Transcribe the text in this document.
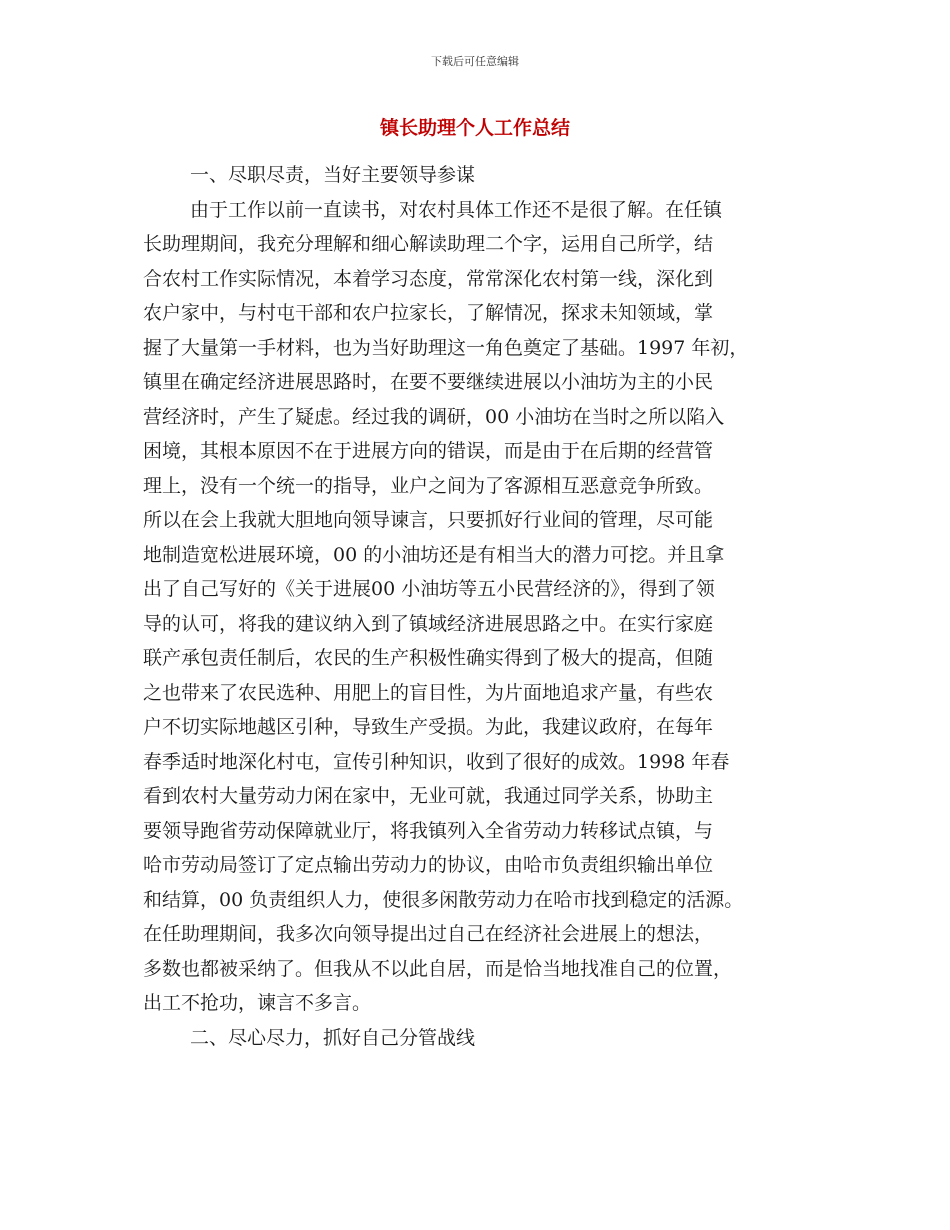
下载后可任意编辑
镇长助理个人工作总结
一、尽职尽责，当好主要领导参谋
由于工作以前一直读书，对农村具体工作还不是很了解。在任镇
长助理期间，我充分理解和细心解读助理二个字，运用自己所学，结
合农村工作实际情况，本着学习态度，常常深化农村第一线，深化到
农户家中，与村屯干部和农户拉家长，了解情况，探求未知领域，掌
握了大量第一手材料，也为当好助理这一角色奠定了基础。1997 年初，
镇里在确定经济进展思路时，在要不要继续进展以小油坊为主的小民
营经济时，产生了疑虑。经过我的调研，00 小油坊在当时之所以陷入
困境，其根本原因不在于进展方向的错误，而是由于在后期的经营管
理上，没有一个统一的指导，业户之间为了客源相互恶意竞争所致。
所以在会上我就大胆地向领导谏言，只要抓好行业间的管理，尽可能
地制造宽松进展环境，00 的小油坊还是有相当大的潜力可挖。并且拿
出了自己写好的《关于进展00 小油坊等五小民营经济的》，得到了领
导的认可，将我的建议纳入到了镇域经济进展思路之中。在实行家庭
联产承包责任制后，农民的生产积极性确实得到了极大的提高，但随
之也带来了农民选种、用肥上的盲目性，为片面地追求产量，有些农
户不切实际地越区引种，导致生产受损。为此，我建议政府，在每年
春季适时地深化村屯，宣传引种知识，收到了很好的成效。1998 年春
看到农村大量劳动力闲在家中，无业可就，我通过同学关系，协助主
要领导跑省劳动保障就业厅，将我镇列入全省劳动力转移试点镇，与
哈市劳动局签订了定点输出劳动力的协议，由哈市负责组织输出单位
和结算，00 负责组织人力，使很多闲散劳动力在哈市找到稳定的活源。
在任助理期间，我多次向领导提出过自己在经济社会进展上的想法，
多数也都被采纳了。但我从不以此自居，而是恰当地找准自己的位置，
出工不抢功，谏言不多言。
二、尽心尽力，抓好自己分管战线
